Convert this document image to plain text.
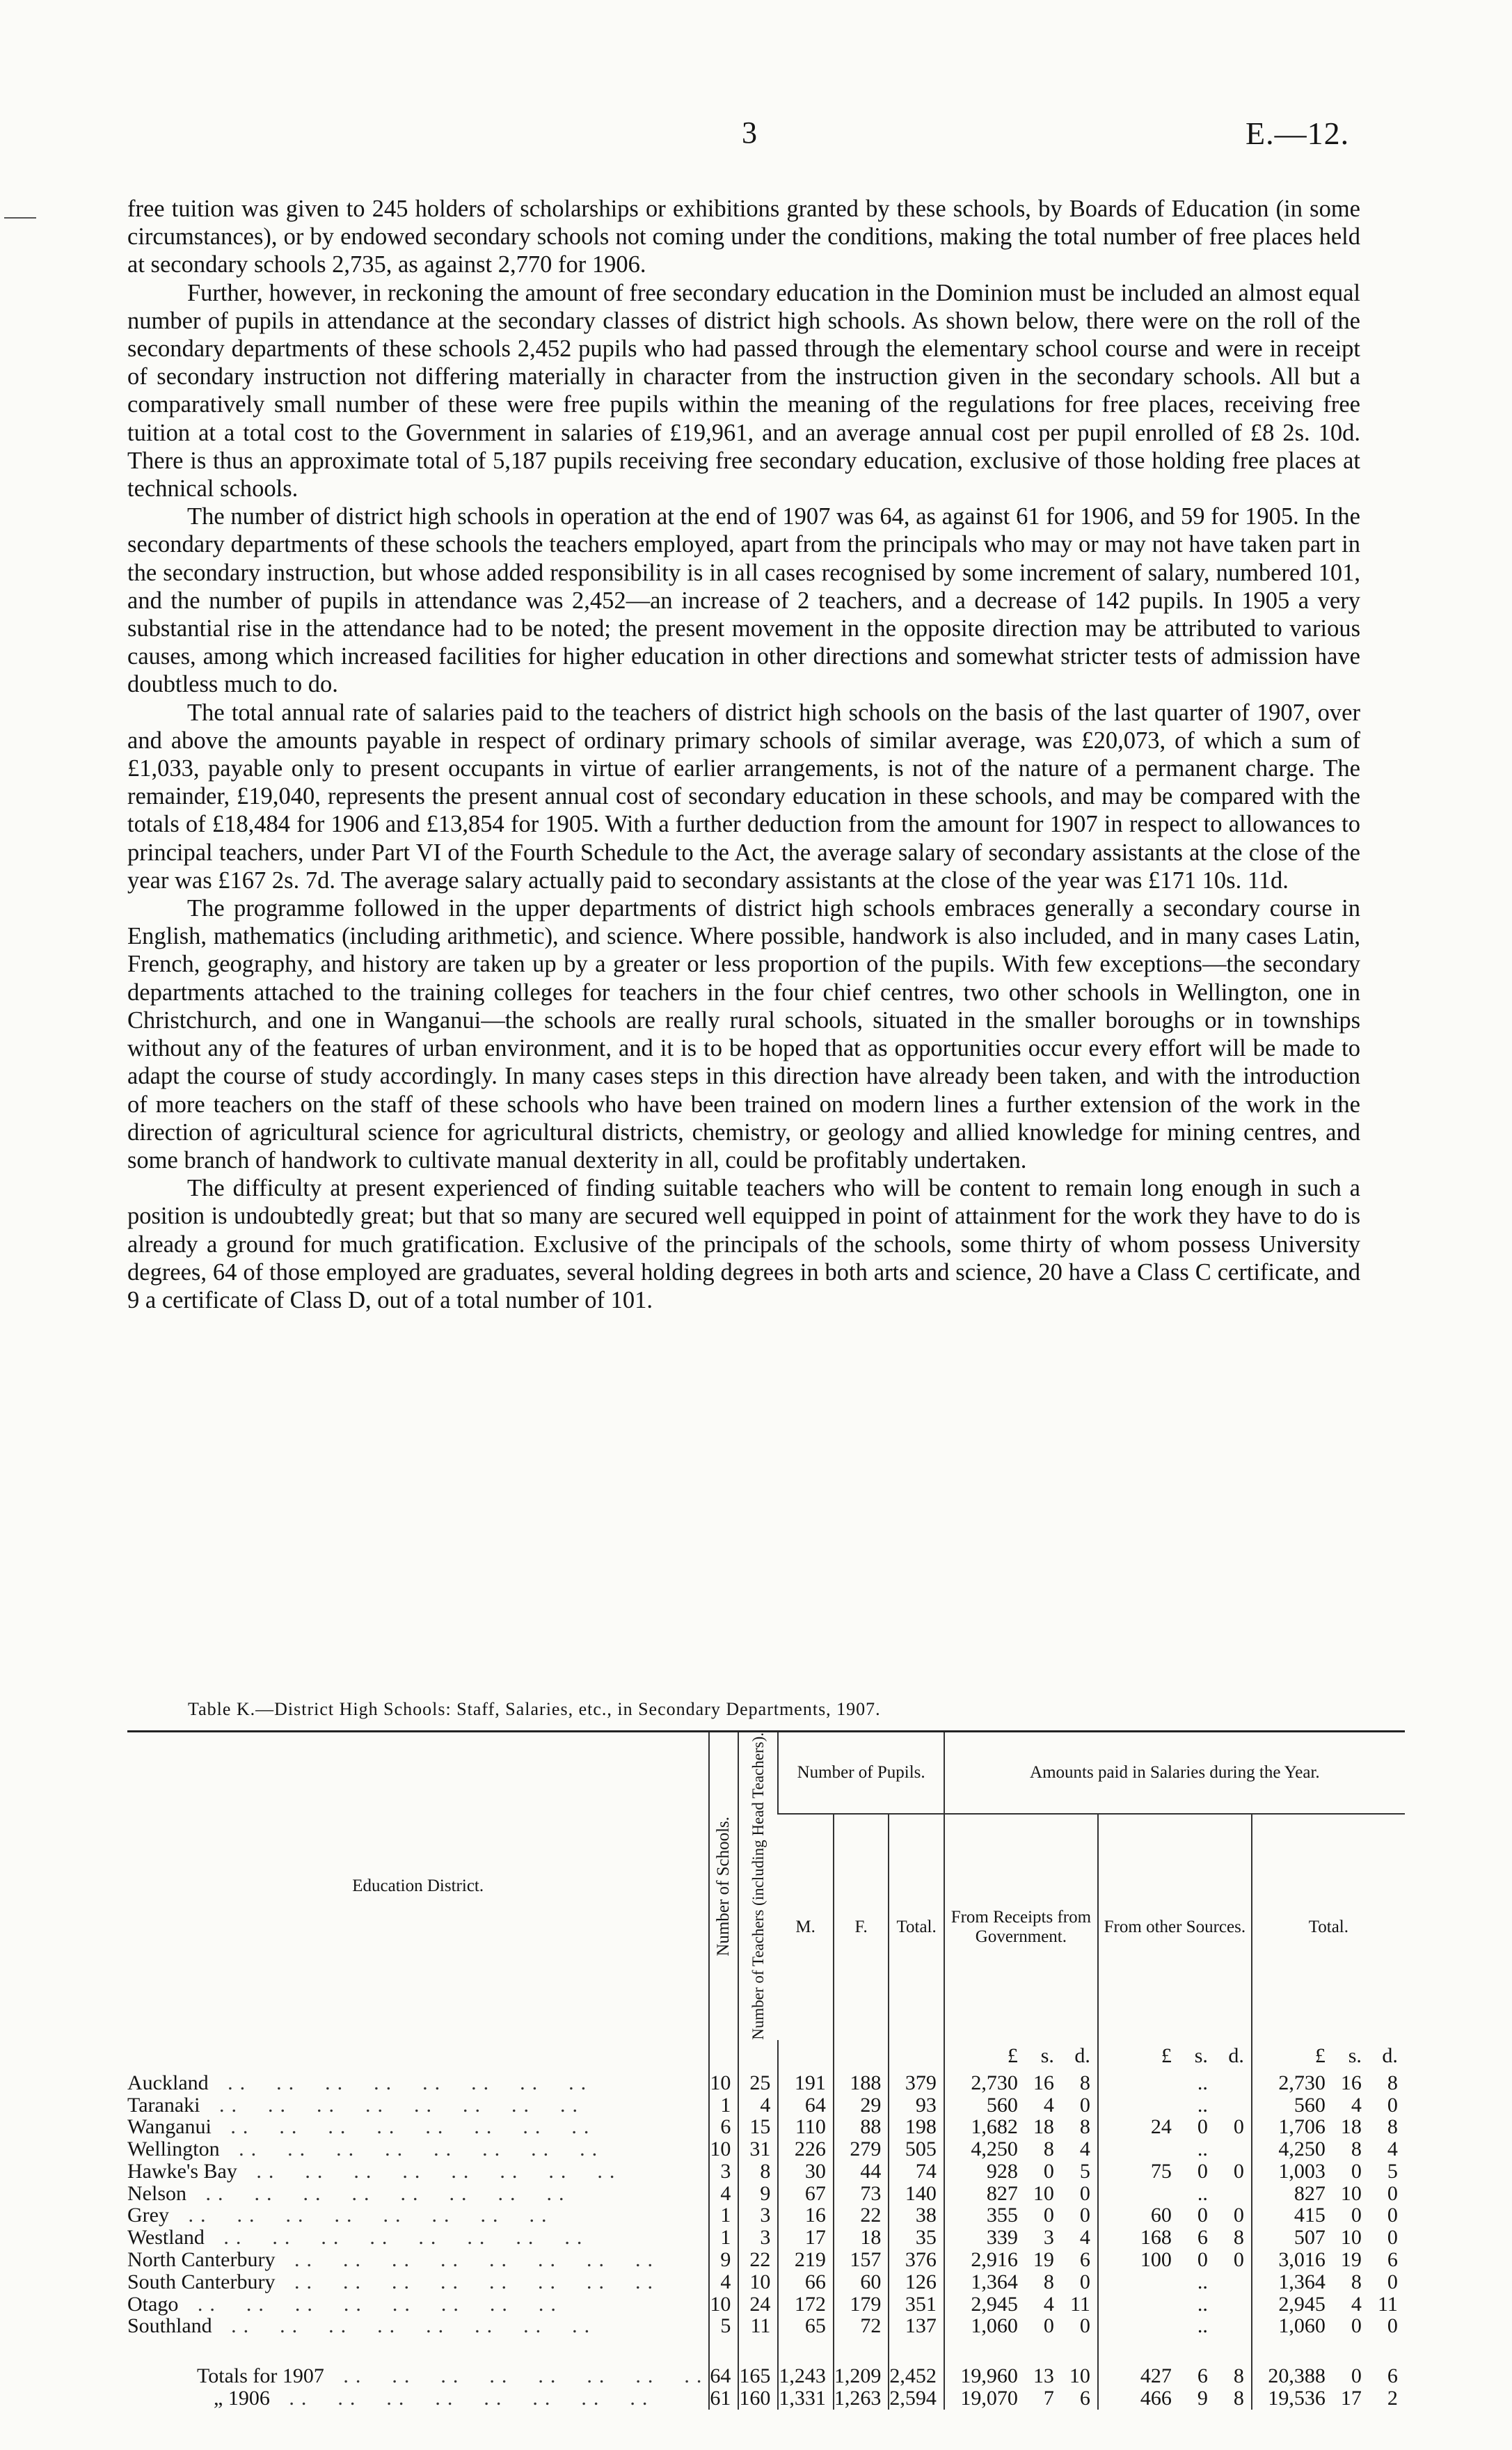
3	E.—12.

free tuition was given to 245 holders of scholarships or exhibitions granted by these schools, by Boards of Education (in some circumstances), or by endowed secondary schools not coming under the conditions, making the total number of free places held at secondary schools 2,735, as against 2,770 for 1906.

Further, however, in reckoning the amount of free secondary education in the Dominion must be included an almost equal number of pupils in attendance at the secondary classes of district high schools. As shown below, there were on the roll of the secondary departments of these schools 2,452 pupils who had passed through the elementary school course and were in receipt of secondary instruction not differing materially in character from the instruction given in the secondary schools. All but a comparatively small number of these were free pupils within the meaning of the regulations for free places, receiving free tuition at a total cost to the Government in salaries of £19,961, and an average annual cost per pupil enrolled of £8 2s. 10d. There is thus an approximate total of 5,187 pupils receiving free secondary education, exclusive of those holding free places at technical schools.

The number of district high schools in operation at the end of 1907 was 64, as against 61 for 1906, and 59 for 1905. In the secondary departments of these schools the teachers employed, apart from the principals who may or may not have taken part in the secondary instruction, but whose added responsibility is in all cases recognised by some increment of salary, numbered 101, and the number of pupils in attendance was 2,452—an increase of 2 teachers, and a decrease of 142 pupils. In 1905 a very substantial rise in the attendance had to be noted; the present movement in the opposite direction may be attributed to various causes, among which increased facilities for higher education in other directions and somewhat stricter tests of admission have doubtless much to do.

The total annual rate of salaries paid to the teachers of district high schools on the basis of the last quarter of 1907, over and above the amounts payable in respect of ordinary primary schools of similar average, was £20,073, of which a sum of £1,033, payable only to present occupants in virtue of earlier arrangements, is not of the nature of a permanent charge. The remainder, £19,040, represents the present annual cost of secondary education in these schools, and may be compared with the totals of £18,484 for 1906 and £13,854 for 1905. With a further deduction from the amount for 1907 in respect to allowances to principal teachers, under Part VI of the Fourth Schedule to the Act, the average salary of secondary assistants at the close of the year was £167 2s. 7d. The average salary actually paid to secondary assistants at the close of the year was £171 10s. 11d.

The programme followed in the upper departments of district high schools embraces generally a secondary course in English, mathematics (including arithmetic), and science. Where possible, handwork is also included, and in many cases Latin, French, geography, and history are taken up by a greater or less proportion of the pupils. With few exceptions—the secondary departments attached to the training colleges for teachers in the four chief centres, two other schools in Wellington, one in Christchurch, and one in Wanganui—the schools are really rural schools, situated in the smaller boroughs or in townships without any of the features of urban environment, and it is to be hoped that as opportunities occur every effort will be made to adapt the course of study accordingly. In many cases steps in this direction have already been taken, and with the introduction of more teachers on the staff of these schools who have been trained on modern lines a further extension of the work in the direction of agricultural science for agricultural districts, chemistry, or geology and allied knowledge for mining centres, and some branch of handwork to cultivate manual dexterity in all, could be profitably undertaken.

The difficulty at present experienced of finding suitable teachers who will be content to remain long enough in such a position is undoubtedly great; but that so many are secured well equipped in point of attainment for the work they have to do is already a ground for much gratification. Exclusive of the principals of the schools, some thirty of whom possess University degrees, 64 of those employed are graduates, several holding degrees in both arts and science, 20 have a Class C certificate, and 9 a certificate of Class D, out of a total number of 101.

Table K.—District High Schools: Staff, Salaries, etc., in Secondary Departments, 1907.
Education District.	Number of Schools.	Number of Teachers (including Head Teachers).	Number of Pupils.			Amounts paid in Salaries during the Year.		
			M.	F.	Total.	From Receipts from Government.	From other Sources.	Total.

						£ s. d.	£ s. d.	£ s. d.

Auckland ..  ..  ..  ..  ..  ..  ..  ..	10	25	191	188	379	2,730 16 8	..	2,730 16 8

Taranaki ..  ..  ..  ..  ..  ..  ..  ..	1	4	64	29	93	560 4 0	..	560 4 0

Wanganui ..  ..  ..  ..  ..  ..  ..  ..	6	15	110	88	198	1,682 18 8	24 0 0	1,706 18 8

Wellington ..  ..  ..  ..  ..  ..  ..  ..	10	31	226	279	505	4,250 8 4	..	4,250 8 4

Hawke's Bay ..  ..  ..  ..  ..  ..  ..  ..	3	8	30	44	74	928 0 5	75 0 0	1,003 0 5

Nelson ..  ..  ..  ..  ..  ..  ..  ..	4	9	67	73	140	827 10 0	..	827 10 0

Grey ..  ..  ..  ..  ..  ..  ..  ..	1	3	16	22	38	355 0 0	60 0 0	415 0 0

Westland ..  ..  ..  ..  ..  ..  ..  ..	1	3	17	18	35	339 3 4	168 6 8	507 10 0

North Canterbury ..  ..  ..  ..  ..  ..  ..  ..	9	22	219	157	376	2,916 19 6	100 0 0	3,016 19 6

South Canterbury ..  ..  ..  ..  ..  ..  ..  ..	4	10	66	60	126	1,364 8 0	..	1,364 8 0

Otago ..  ..  ..  ..  ..  ..  ..  ..	10	24	172	179	351	2,945 4 11	..	2,945 4 11

Southland ..  ..  ..  ..  ..  ..  ..  ..	5	11	65	72	137	1,060 0 0	..	1,060 0 0

Totals for 1907 ..  ..  ..  ..  ..  ..  ..  ..	64	165	1,243	1,209	2,452	19,960 13 10	427 6 8	20,388 0 6

„ 1906 ..  ..  ..  ..  ..  ..  ..  ..	61	160	1,331	1,263	2,594	19,070 7 6	466 9 8	19,536 17 2
